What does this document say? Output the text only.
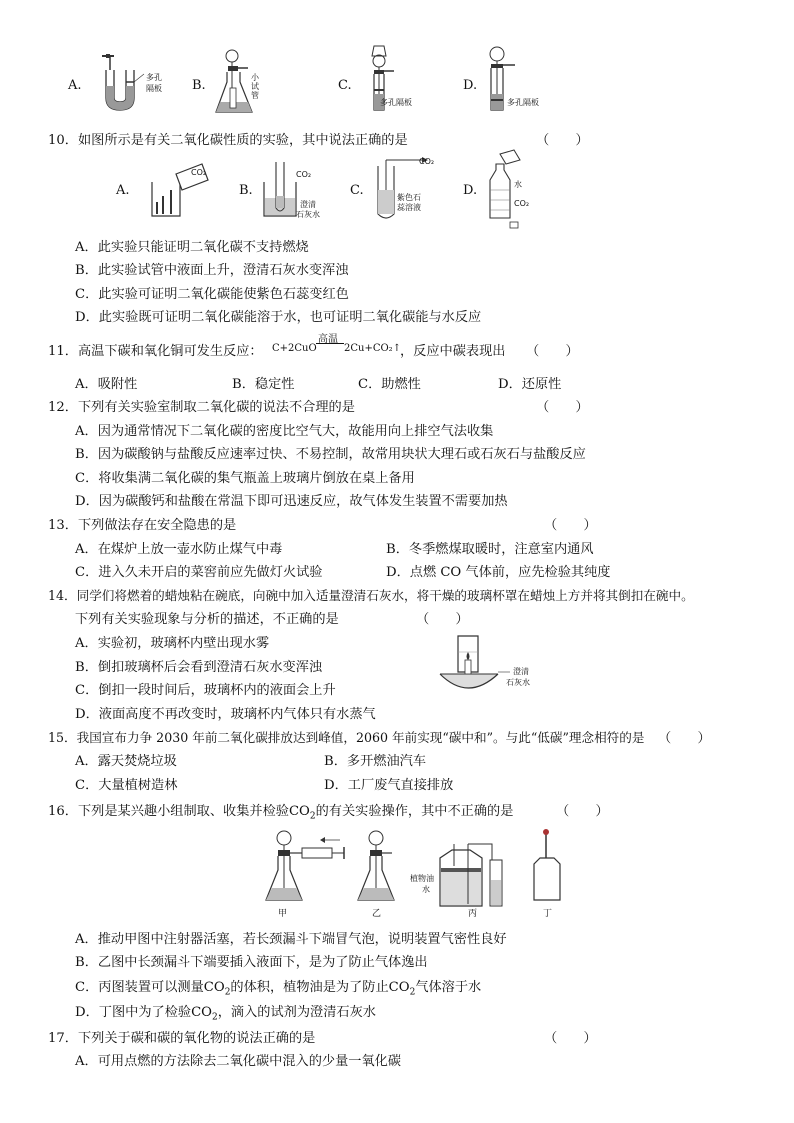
A.
多孔
隔板 B.
小
试
管
C.
多孔隔板
D.
多孔隔板
10．如图所示是有关二氧化碳性质的实验，其中说法正确的是	（　　）
A.
CO₂
B.
CO₂
澄清
石灰水
C.
CO₂
紫色石
蕊溶液
D.	水
CO₂
A．此实验只能证明二氧化碳不支持燃烧
B．此实验试管中液面上升，澄清石灰水变浑浊
C．此实验可证明二氧化碳能使紫色石蕊变红色
D．此实验既可证明二氧化碳能溶于水，也可证明二氧化碳能与水反应
11．高温下碳和氧化铜可发生反应： C+2CuO
高温
2Cu+CO₂↑
，反应中碳表现出 （　　）
A．吸附性	B．稳定性	C．助燃性	D．还原性
12．下列有关实验室制取二氧化碳的说法不合理的是	（　　）
A．因为通常情况下二氧化碳的密度比空气大，故能用向上排空气法收集
B．因为碳酸钠与盐酸反应速率过快、不易控制，故常用块状大理石或石灰石与盐酸反应
C．将收集满二氧化碳的集气瓶盖上玻璃片倒放在桌上备用
D．因为碳酸钙和盐酸在常温下即可迅速反应，故气体发生装置不需要加热
13．下列做法存在安全隐患的是	（　　）
A．在煤炉上放一壶水防止煤气中毒	B．冬季燃煤取暖时，注意室内通风
C．进入久未开启的菜窖前应先做灯火试验	D．点燃 CO 气体前，应先检验其纯度
14．同学们将燃着的蜡烛粘在碗底，向碗中加入适量澄清石灰水，将干燥的玻璃杯罩在蜡烛上方并将其倒扣在碗中。
下列有关实验现象与分析的描述，不正确的是	（　　）
澄清
石灰水
A．实验初，玻璃杯内壁出现水雾
B．倒扣玻璃杯后会看到澄清石灰水变浑浊
C．倒扣一段时间后，玻璃杯内的液面会上升
D．液面高度不再改变时，玻璃杯内气体只有水蒸气
15．我国宣布力争 2030 年前二氧化碳排放达到峰值，2060 年前实现“碳中和”。与此“低碳”理念相符的是 （　　）
A．露天焚烧垃圾	B．多开燃油汽车
C．大量植树造林	D．工厂废气直接排放
16．下列是某兴趣小组制取、收集并检验$CO_2$的有关实验操作，其中不正确的是	（　　）
甲	乙
植物油
水
丙	丁
A．推动甲图中注射器活塞，若长颈漏斗下端冒气泡，说明装置气密性良好
B．乙图中长颈漏斗下端要插入液面下，是为了防止气体逸出
C．丙图装置可以测量$CO_2$的体积，植物油是为了防止$CO_2$气体溶于水
D．丁图中为了检验$CO_2$，滴入的试剂为澄清石灰水
17．下列关于碳和碳的氧化物的说法正确的是	（　　）
A．可用点燃的方法除去二氧化碳中混入的少量一氧化碳
